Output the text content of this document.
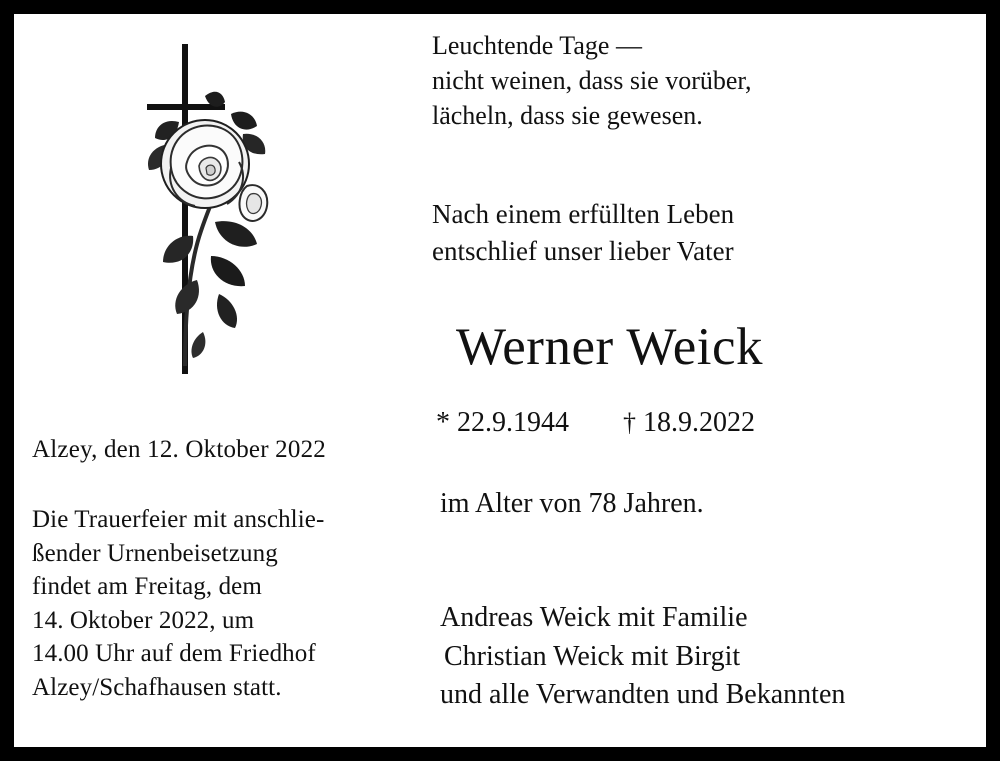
Alzey, den 12. Oktober 2022
Die Trauerfeier mit anschlie-
ßender Urnenbeisetzung
findet am Freitag, dem
14. Oktober 2022, um
14.00 Uhr auf dem Friedhof
Alzey/Schafhausen statt.
Leuchtende Tage —
nicht weinen, dass sie vorüber,
lächeln, dass sie gewesen.
Nach einem erfüllten Leben
entschlief unser lieber Vater
Werner Weick
* 22.9.1944 † 18.9.2022
im Alter von 78 Jahren.
Andreas Weick mit Familie
Christian Weick mit Birgit
und alle Verwandten und Bekannten
